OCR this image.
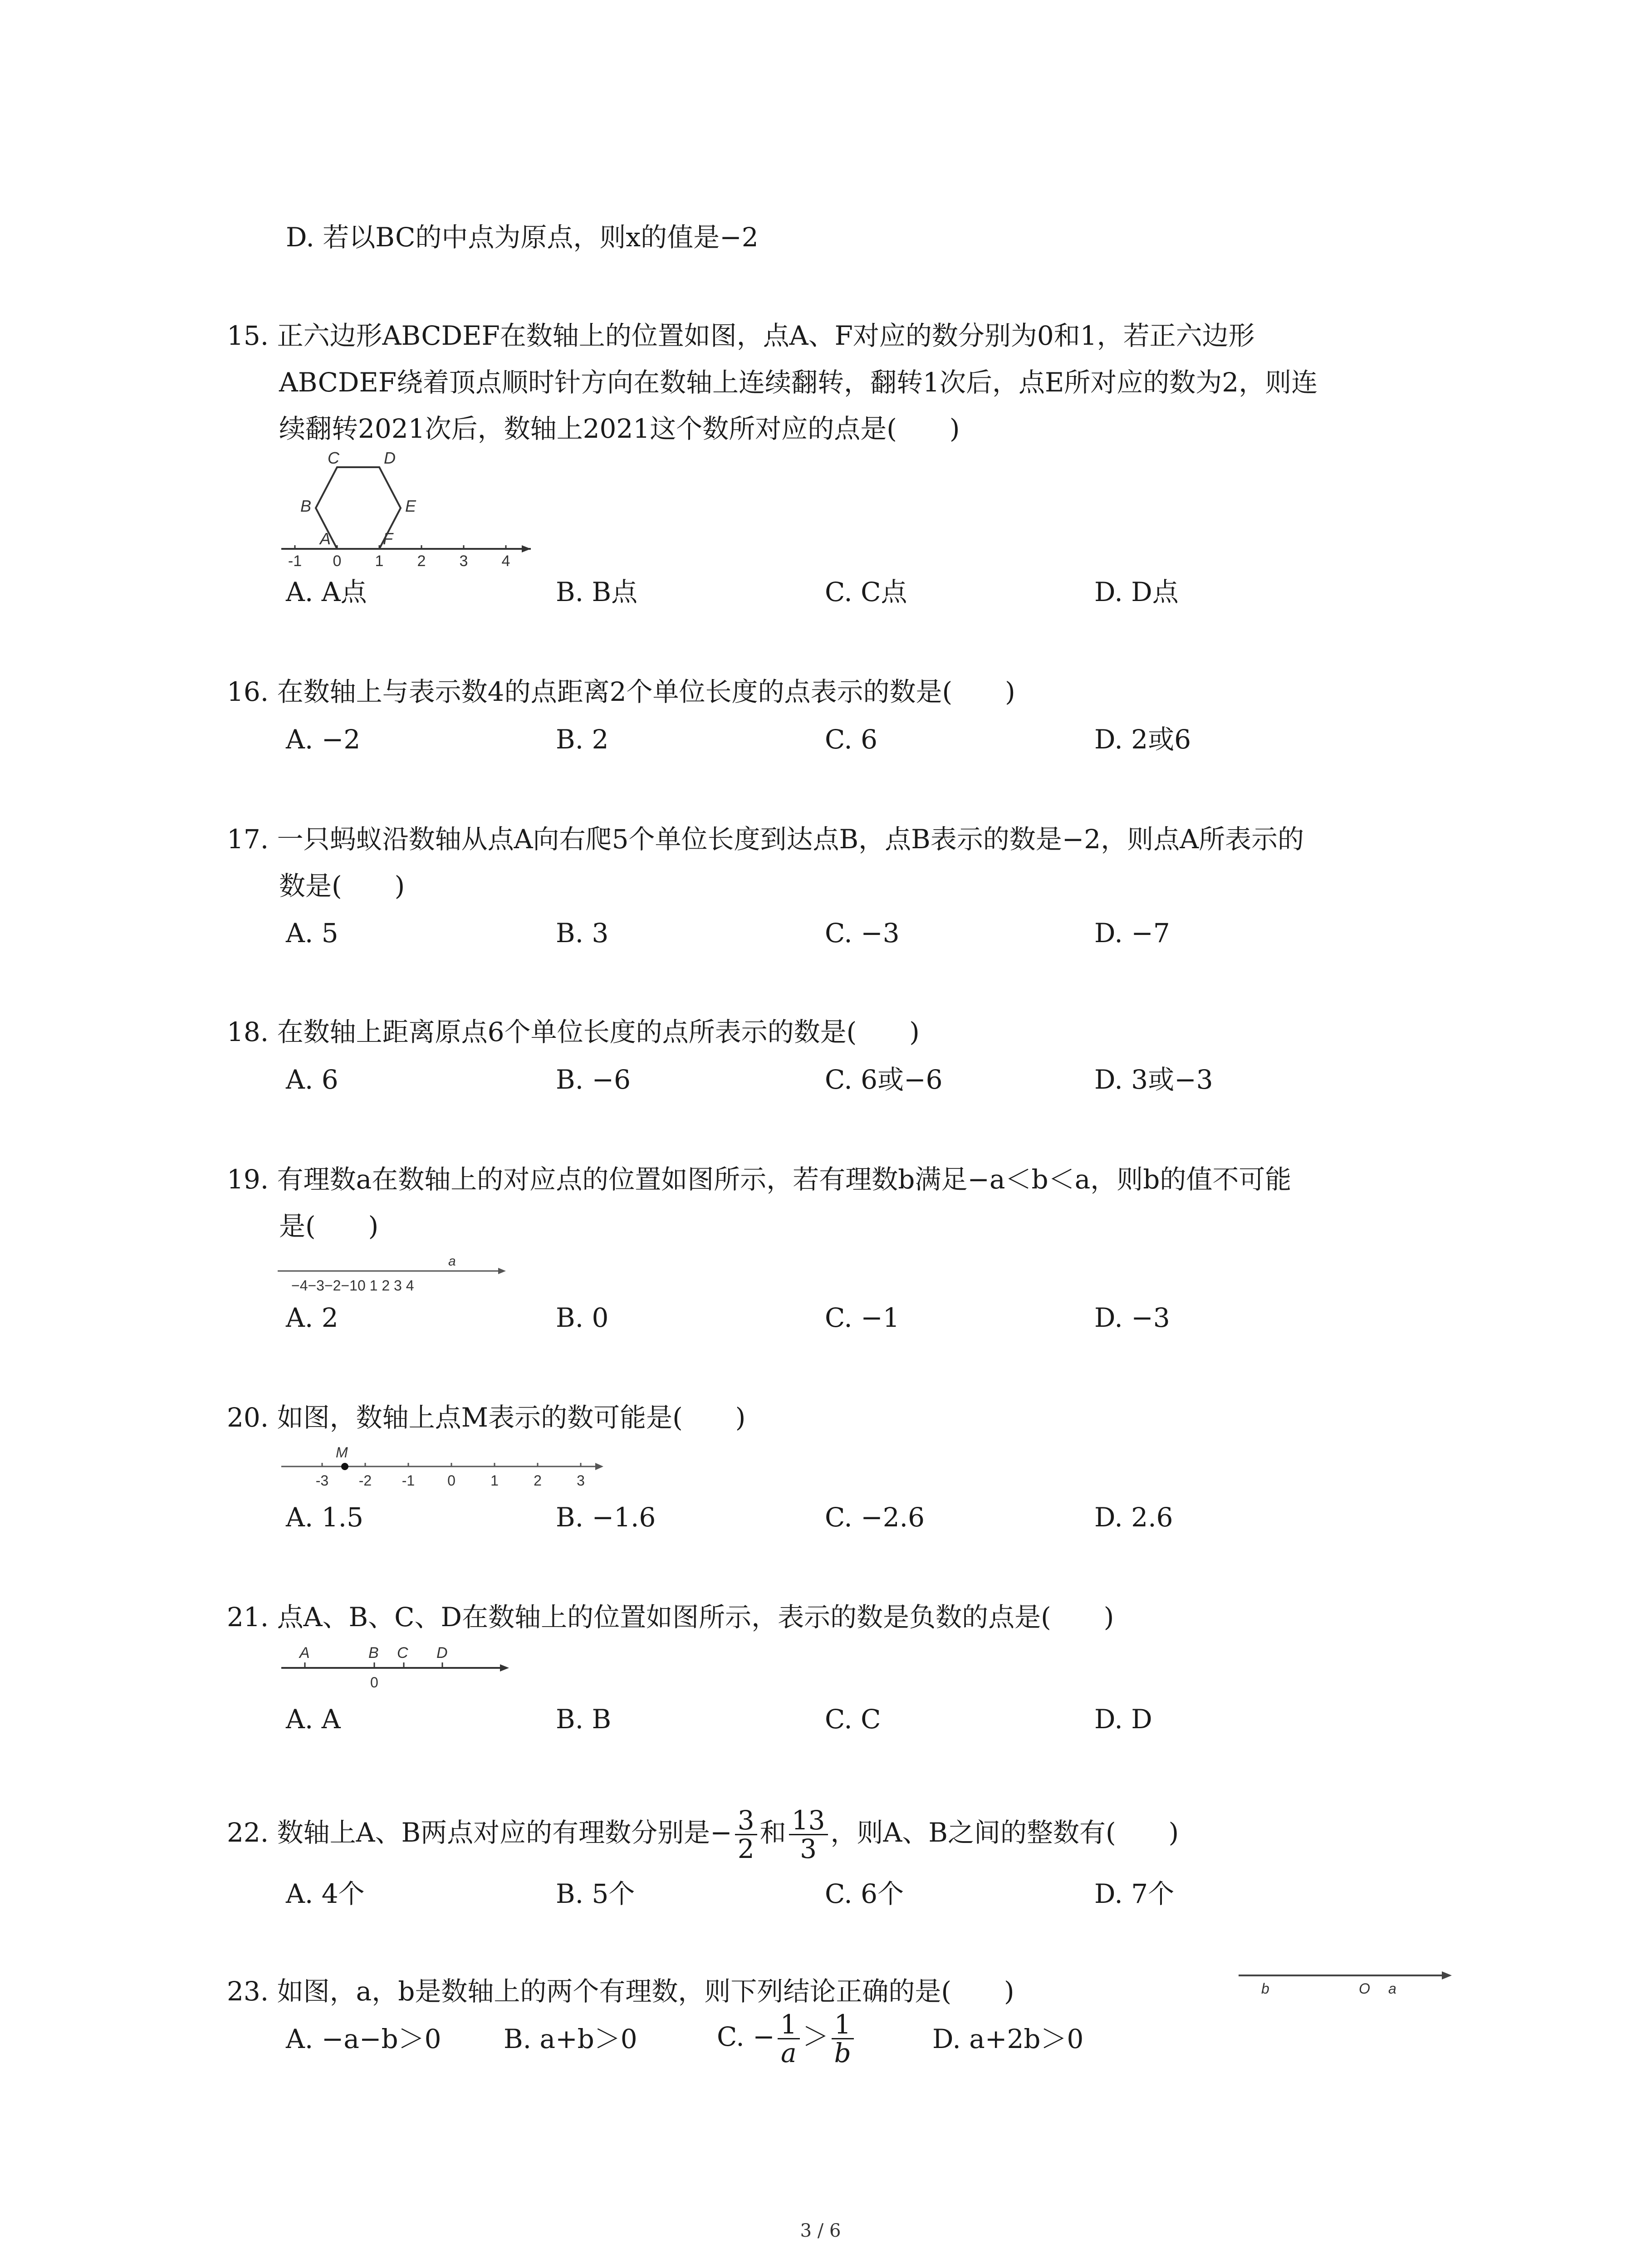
D. 若以BC的中点为原点，则x的值是−2
15. 正六边形ABCDEF在数轴上的位置如图，点A、F对应的数分别为0和1，若正六边形
ABCDEF绕着顶点顺时针方向在数轴上连续翻转，翻转1次后，点E所对应的数为2，则连
续翻转2021次后，数轴上2021这个数所对应的点是(　　)
C	D
B	E
A	F
-1 0 1 2 3 4
A. A点	B. B点	C. C点	D. D点
16. 在数轴上与表示数4的点距离2个单位长度的点表示的数是(　　)
A. −2	B. 2	C. 6	D. 2或6
17. 一只蚂蚁沿数轴从点A向右爬5个单位长度到达点B，点B表示的数是−2，则点A所表示的
数是(　　)
A. 5	B. 3	C. −3	D. −7
18. 在数轴上距离原点6个单位长度的点所表示的数是(　　)
A. 6	B. −6	C. 6或−6	D. 3或−3
19. 有理数a在数轴上的对应点的位置如图所示，若有理数b满足−a＜b＜a，则b的值不可能
是(　　)
a
−4−3−2−10 1 2 3 4
A. 2	B. 0	C. −1	D. −3
20. 如图，数轴上点M表示的数可能是(　　)
M
-3 -2 -1 0 1 2 3
A. 1.5	B. −1.6	C. −2.6	D. 2.6
21. 点A、B、C、D在数轴上的位置如图所示，表示的数是负数的点是(　　)
A	B C D
0
A. A	B. B	C. C	D. D
22. 数轴上A、B两点对应的有理数分别是− $\frac{3}{2}$ 和 $\frac{13}{3}$ ，则A、B之间的整数有(　　)
A. 4个	B. 5个	C. 6个	D. 7个
23. 如图，a，b是数轴上的两个有理数，则下列结论正确的是(　　)	b	O a
A. −a−b＞0 B. a+b＞0	C. − $\frac{1}{a} > \frac{1}{b}$	D. a+2b＞0
3 / 6
